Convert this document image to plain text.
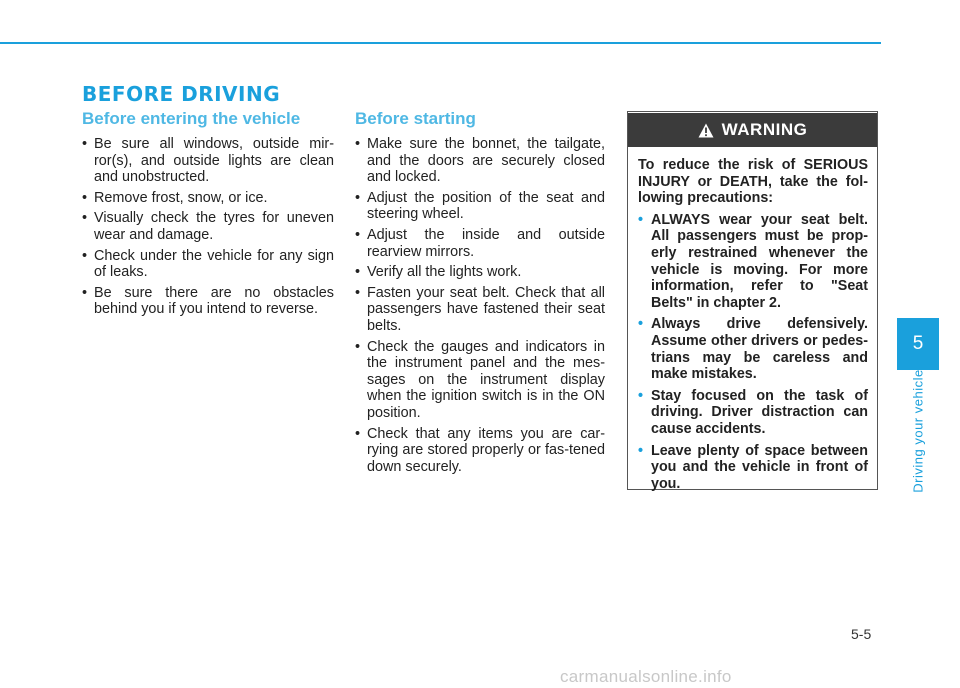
BEFORE DRIVING
Before entering the vehicle
• Be sure all windows, outside mir-ror(s), and outside lights are clean and unobstructed.
• Remove frost, snow, or ice.
• Visually check the tyres for uneven wear and damage.
• Check under the vehicle for any sign of leaks.
• Be sure there are no obstacles behind you if you intend to reverse.
Before starting
• Make sure the bonnet, the tailgate, and the doors are securely closed and locked.
• Adjust the position of the seat and steering wheel.
• Adjust the inside and outside rearview mirrors.
• Verify all the lights work.
• Fasten your seat belt. Check that all passengers have fastened their seat belts.
• Check the gauges and indicators in the instrument panel and the mes-sages on the instrument display when the ignition switch is in the ON position.
• Check that any items you are car-rying are stored properly or fas-tened down securely.
WARNING

To reduce the risk of SERIOUS INJURY or DEATH, take the fol-lowing precautions:

• ALWAYS wear your seat belt. All passengers must be prop-erly restrained whenever the vehicle is moving. For more information, refer to "Seat Belts" in chapter 2.
• Always drive defensively. Assume other drivers or pedes-trians may be careless and make mistakes.
• Stay focused on the task of driving. Driver distraction can cause accidents.
• Leave plenty of space between you and the vehicle in front of you.
5
Driving your vehicle
5-5
carmanualsonline.info
